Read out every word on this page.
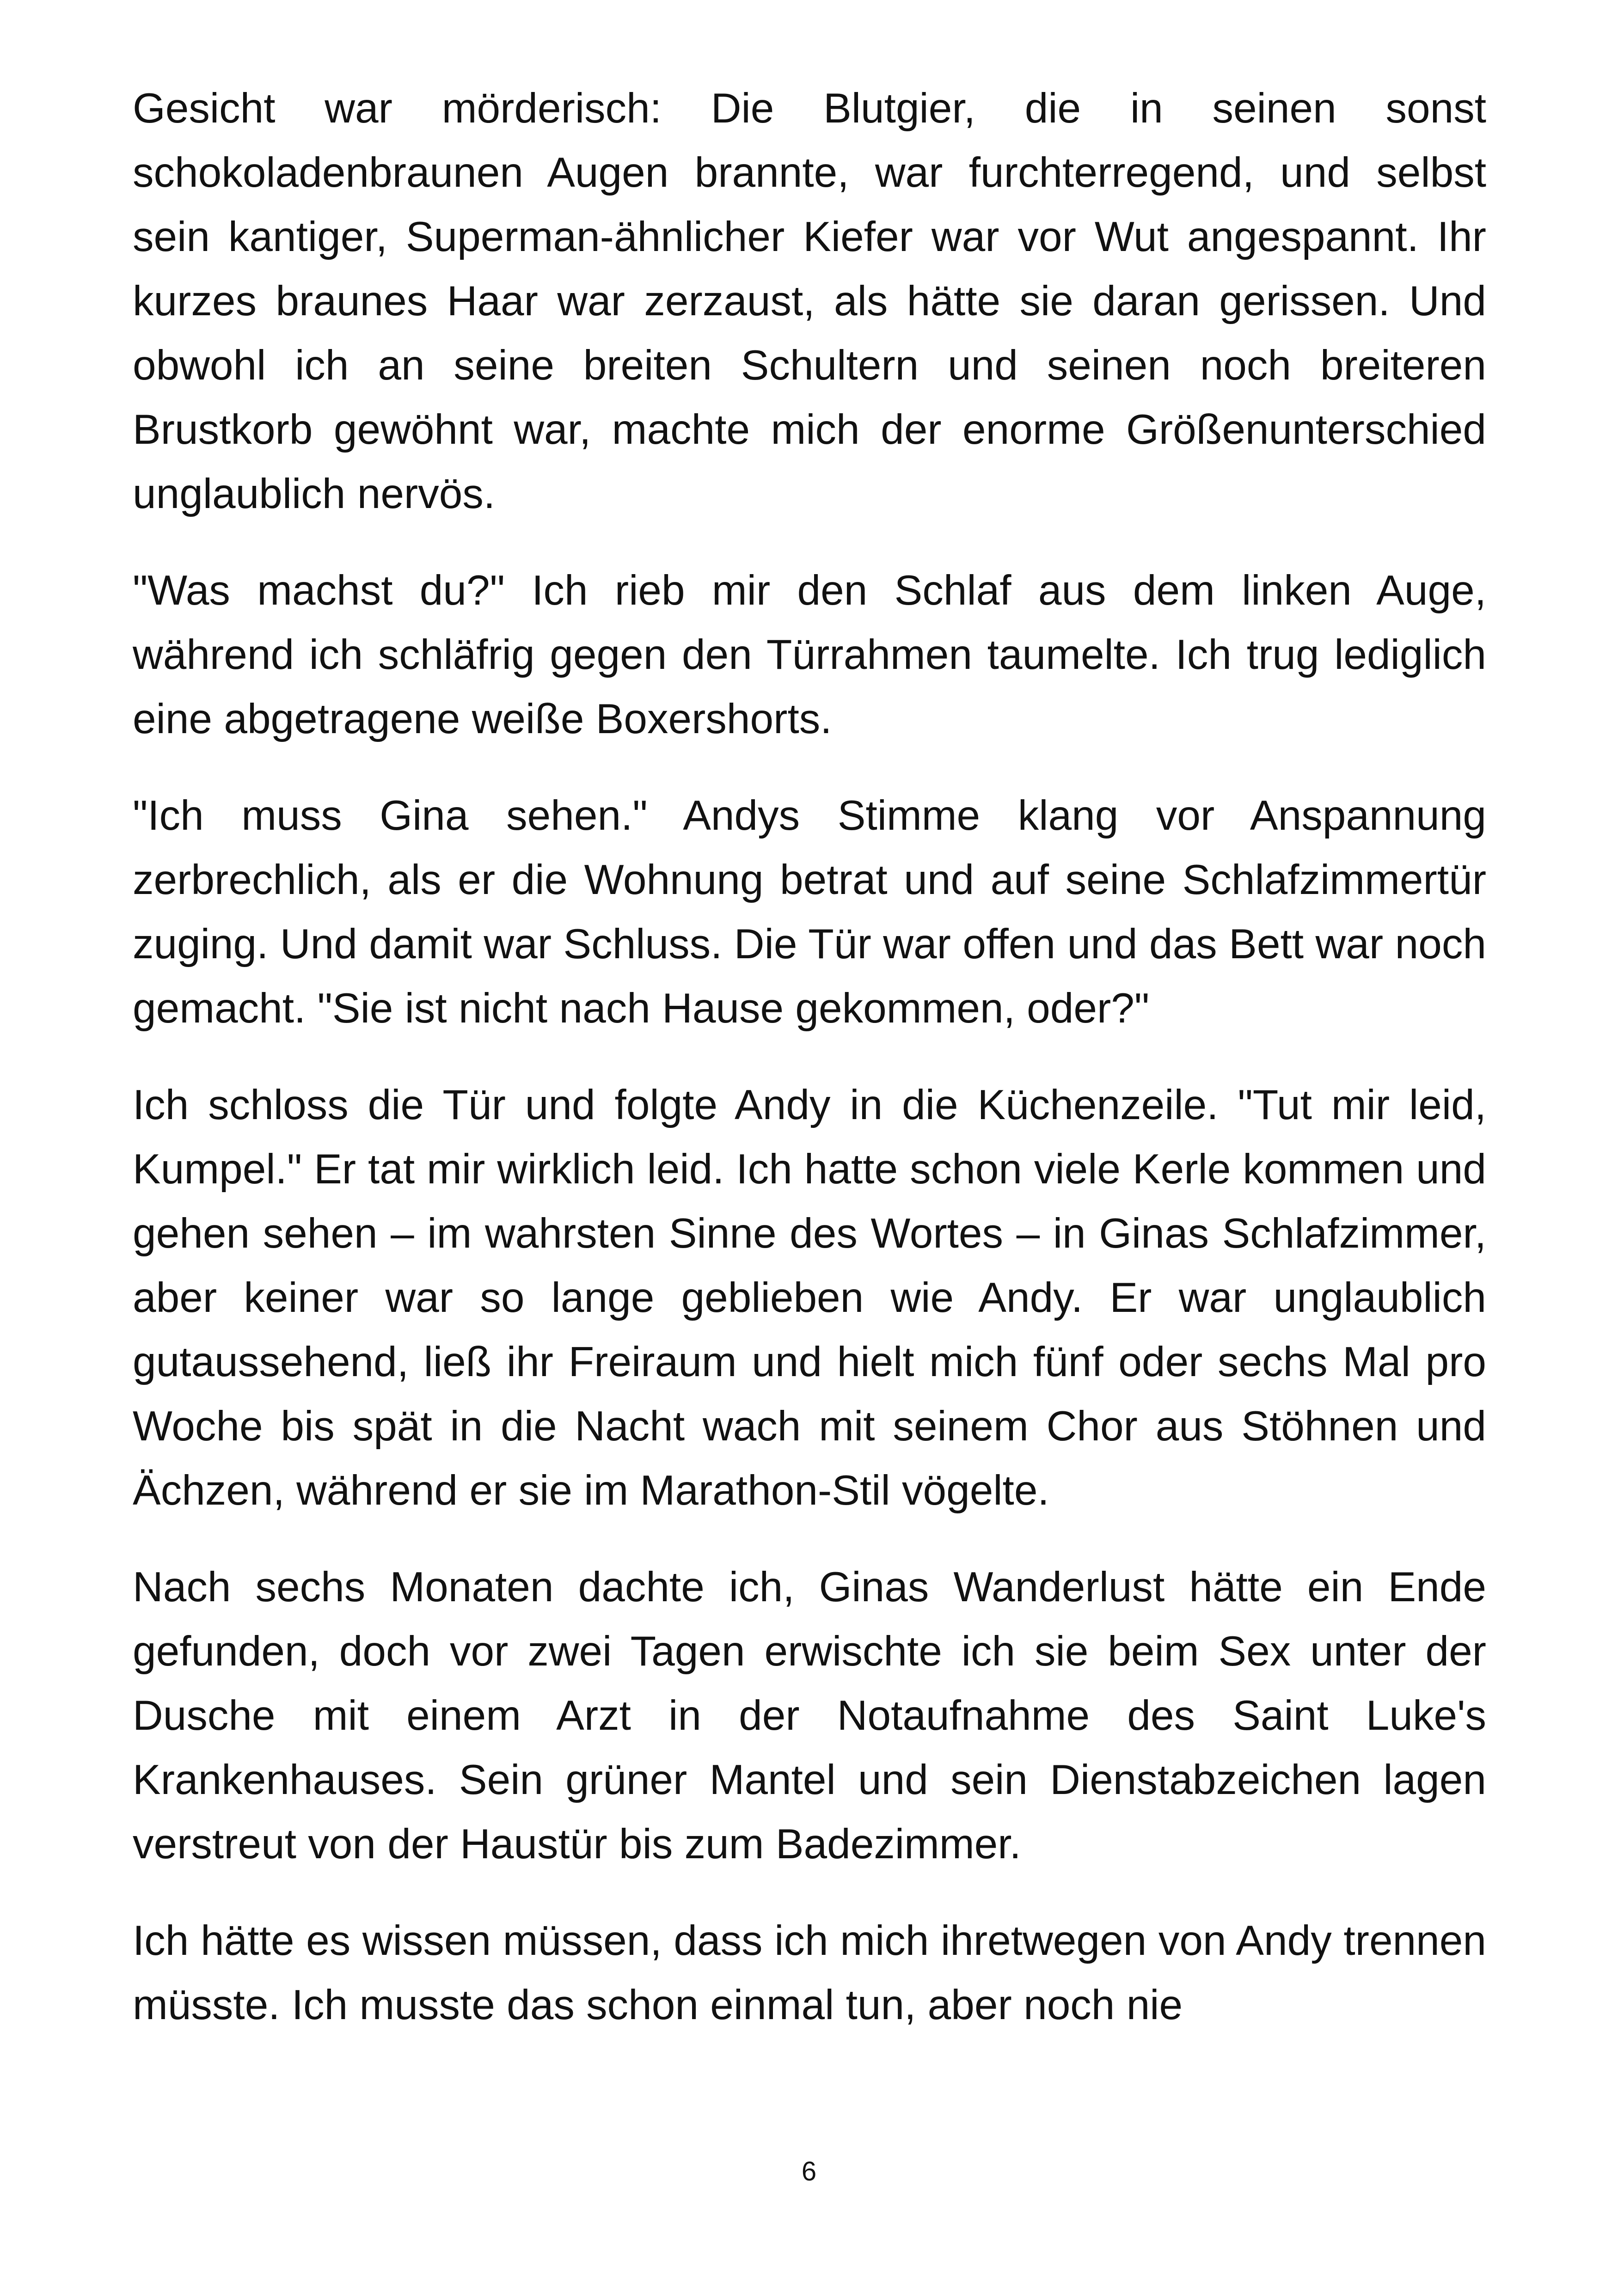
Gesicht war mörderisch: Die Blutgier, die in seinen sonst schokoladenbraunen Augen brannte, war furchterregend, und selbst sein kantiger, Superman-ähnlicher Kiefer war vor Wut angespannt. Ihr kurzes braunes Haar war zerzaust, als hätte sie daran gerissen. Und obwohl ich an seine breiten Schultern und seinen noch breiteren Brustkorb gewöhnt war, machte mich der enorme Größenunterschied unglaublich nervös.

"Was machst du?" Ich rieb mir den Schlaf aus dem linken Auge, während ich schläfrig gegen den Türrahmen taumelte. Ich trug lediglich eine abgetragene weiße Boxershorts.

"Ich muss Gina sehen." Andys Stimme klang vor Anspannung zerbrechlich, als er die Wohnung betrat und auf seine Schlafzimmertür zuging. Und damit war Schluss. Die Tür war offen und das Bett war noch gemacht. "Sie ist nicht nach Hause gekommen, oder?"

Ich schloss die Tür und folgte Andy in die Küchenzeile. "Tut mir leid, Kumpel." Er tat mir wirklich leid. Ich hatte schon viele Kerle kommen und gehen sehen – im wahrsten Sinne des Wortes – in Ginas Schlafzimmer, aber keiner war so lange geblieben wie Andy. Er war unglaublich gutaussehend, ließ ihr Freiraum und hielt mich fünf oder sechs Mal pro Woche bis spät in die Nacht wach mit seinem Chor aus Stöhnen und Ächzen, während er sie im Marathon-Stil vögelte.

Nach sechs Monaten dachte ich, Ginas Wanderlust hätte ein Ende gefunden, doch vor zwei Tagen erwischte ich sie beim Sex unter der Dusche mit einem Arzt in der Notaufnahme des Saint Luke's Krankenhauses. Sein grüner Mantel und sein Dienstabzeichen lagen verstreut von der Haustür bis zum Badezimmer.

Ich hätte es wissen müssen, dass ich mich ihretwegen von Andy trennen müsste. Ich musste das schon einmal tun, aber noch nie

6
